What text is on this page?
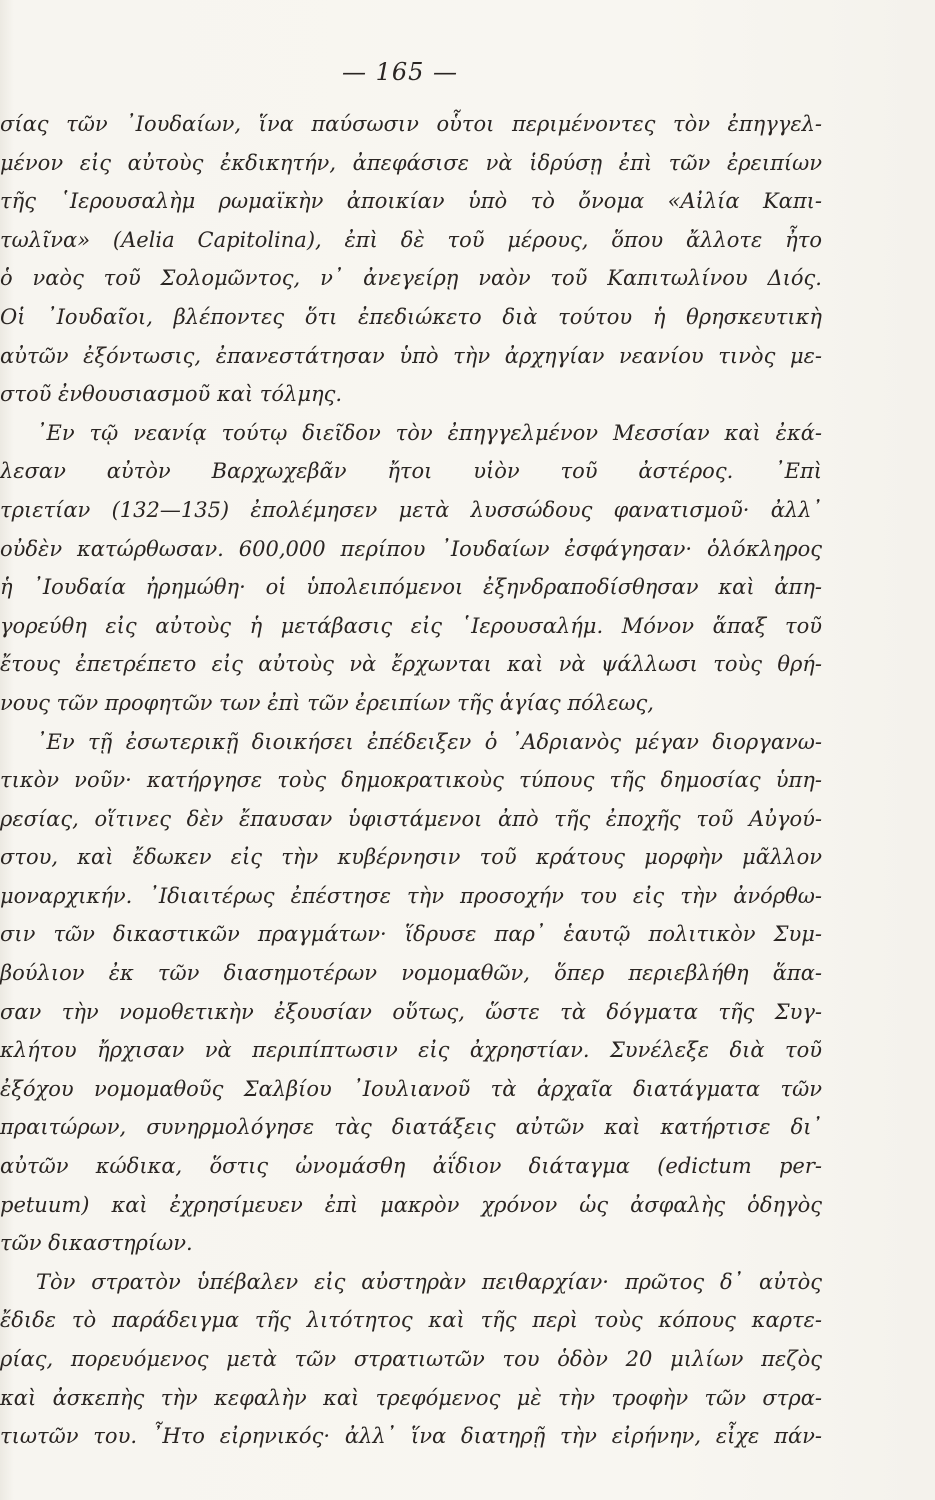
— 165 —
σίας τῶν ᾿Ιουδαίων, ἵνα παύσωσιν οὗτοι περιμένοντες τὸν ἐπηγγελ-
μένον εἰς αὐτοὺς ἐκδικητήν, ἀπεφάσισε νὰ ἱδρύσῃ ἐπὶ τῶν ἐρειπίων
τῆς ῾Ιερουσαλὴμ ρωμαϊκὴν ἀποικίαν ὑπὸ τὸ ὄνομα «Αἰλία Καπι-
τωλῖνα» (Aelia Capitolina), ἐπὶ δὲ τοῦ μέρους, ὅπου ἄλλοτε ἦτο
ὁ ναὸς τοῦ Σολομῶντος, ν᾿ ἀνεγείρῃ ναὸν τοῦ Καπιτωλίνου Διός.
Οἱ ᾿Ιουδαῖοι, βλέποντες ὅτι ἐπεδιώκετο διὰ τούτου ἡ θρησκευτικὴ
αὐτῶν ἐξόντωσις, ἐπανεστάτησαν ὑπὸ τὴν ἀρχηγίαν νεανίου τινὸς με-
στοῦ ἐνθουσιασμοῦ καὶ τόλμης.
᾿Εν τῷ νεανίᾳ τούτῳ διεῖδον τὸν ἐπηγγελμένον Μεσσίαν καὶ ἐκά-
λεσαν αὐτὸν Βαρχωχεβᾶν ἤτοι υἱὸν τοῦ ἀστέρος. ᾿Επὶ
τριετίαν (132—135) ἐπολέμησεν μετὰ λυσσώδους φανατισμοῦ· ἀλλ᾿
οὐδὲν κατώρθωσαν. 600,000 περίπου ᾿Ιουδαίων ἐσφάγησαν· ὁλόκληρος
ἡ ᾿Ιουδαία ἠρημώθη· οἱ ὑπολειπόμενοι ἐξηνδραποδίσθησαν καὶ ἀπη-
γορεύθη εἰς αὐτοὺς ἡ μετάβασις εἰς ῾Ιερουσαλήμ. Μόνον ἅπαξ τοῦ
ἔτους ἐπετρέπετο εἰς αὐτοὺς νὰ ἔρχωνται καὶ νὰ ψάλλωσι τοὺς θρή-
νους τῶν προφητῶν των ἐπὶ τῶν ἐρειπίων τῆς ἁγίας πόλεως,
᾿Εν τῇ ἐσωτερικῇ διοικήσει ἐπέδειξεν ὁ ᾿Αδριανὸς μέγαν διοργανω-
τικὸν νοῦν· κατήργησε τοὺς δημοκρατικοὺς τύπους τῆς δημοσίας ὑπη-
ρεσίας, οἵτινες δὲν ἔπαυσαν ὑφιστάμενοι ἀπὸ τῆς ἐποχῆς τοῦ Αὐγού-
στου, καὶ ἔδωκεν εἰς τὴν κυβέρνησιν τοῦ κράτους μορφὴν μᾶλλον
μοναρχικήν. ᾿Ιδιαιτέρως ἐπέστησε τὴν προσοχήν του εἰς τὴν ἀνόρθω-
σιν τῶν δικαστικῶν πραγμάτων· ἵδρυσε παρ᾿ ἑαυτῷ πολιτικὸν Συμ-
βούλιον ἐκ τῶν διασημοτέρων νομομαθῶν, ὅπερ περιεβλήθη ἅπα-
σαν τὴν νομοθετικὴν ἐξουσίαν οὕτως, ὥστε τὰ δόγματα τῆς Συγ-
κλήτου ἤρχισαν νὰ περιπίπτωσιν εἰς ἀχρηστίαν. Συνέλεξε διὰ τοῦ
ἐξόχου νομομαθοῦς Σαλβίου ᾿Ιουλιανοῦ τὰ ἀρχαῖα διατάγματα τῶν
πραιτώρων, συνηρμολόγησε τὰς διατάξεις αὐτῶν καὶ κατήρτισε δι᾿
αὐτῶν κώδικα, ὅστις ὠνομάσθη ἀΐδιον διάταγμα (edictum per-
petuum) καὶ ἐχρησίμευεν ἐπὶ μακρὸν χρόνον ὡς ἀσφαλὴς ὁδηγὸς
τῶν δικαστηρίων.
Τὸν στρατὸν ὑπέβαλεν εἰς αὐστηρὰν πειθαρχίαν· πρῶτος δ᾿ αὐτὸς
ἔδιδε τὸ παράδειγμα τῆς λιτότητος καὶ τῆς περὶ τοὺς κόπους καρτε-
ρίας, πορευόμενος μετὰ τῶν στρατιωτῶν του ὁδὸν 20 μιλίων πεζὸς
καὶ ἀσκεπὴς τὴν κεφαλὴν καὶ τρεφόμενος μὲ τὴν τροφὴν τῶν στρα-
τιωτῶν του. ῏Ητο εἰρηνικός· ἀλλ᾿ ἵνα διατηρῇ τὴν εἰρήνην, εἶχε πάν-
